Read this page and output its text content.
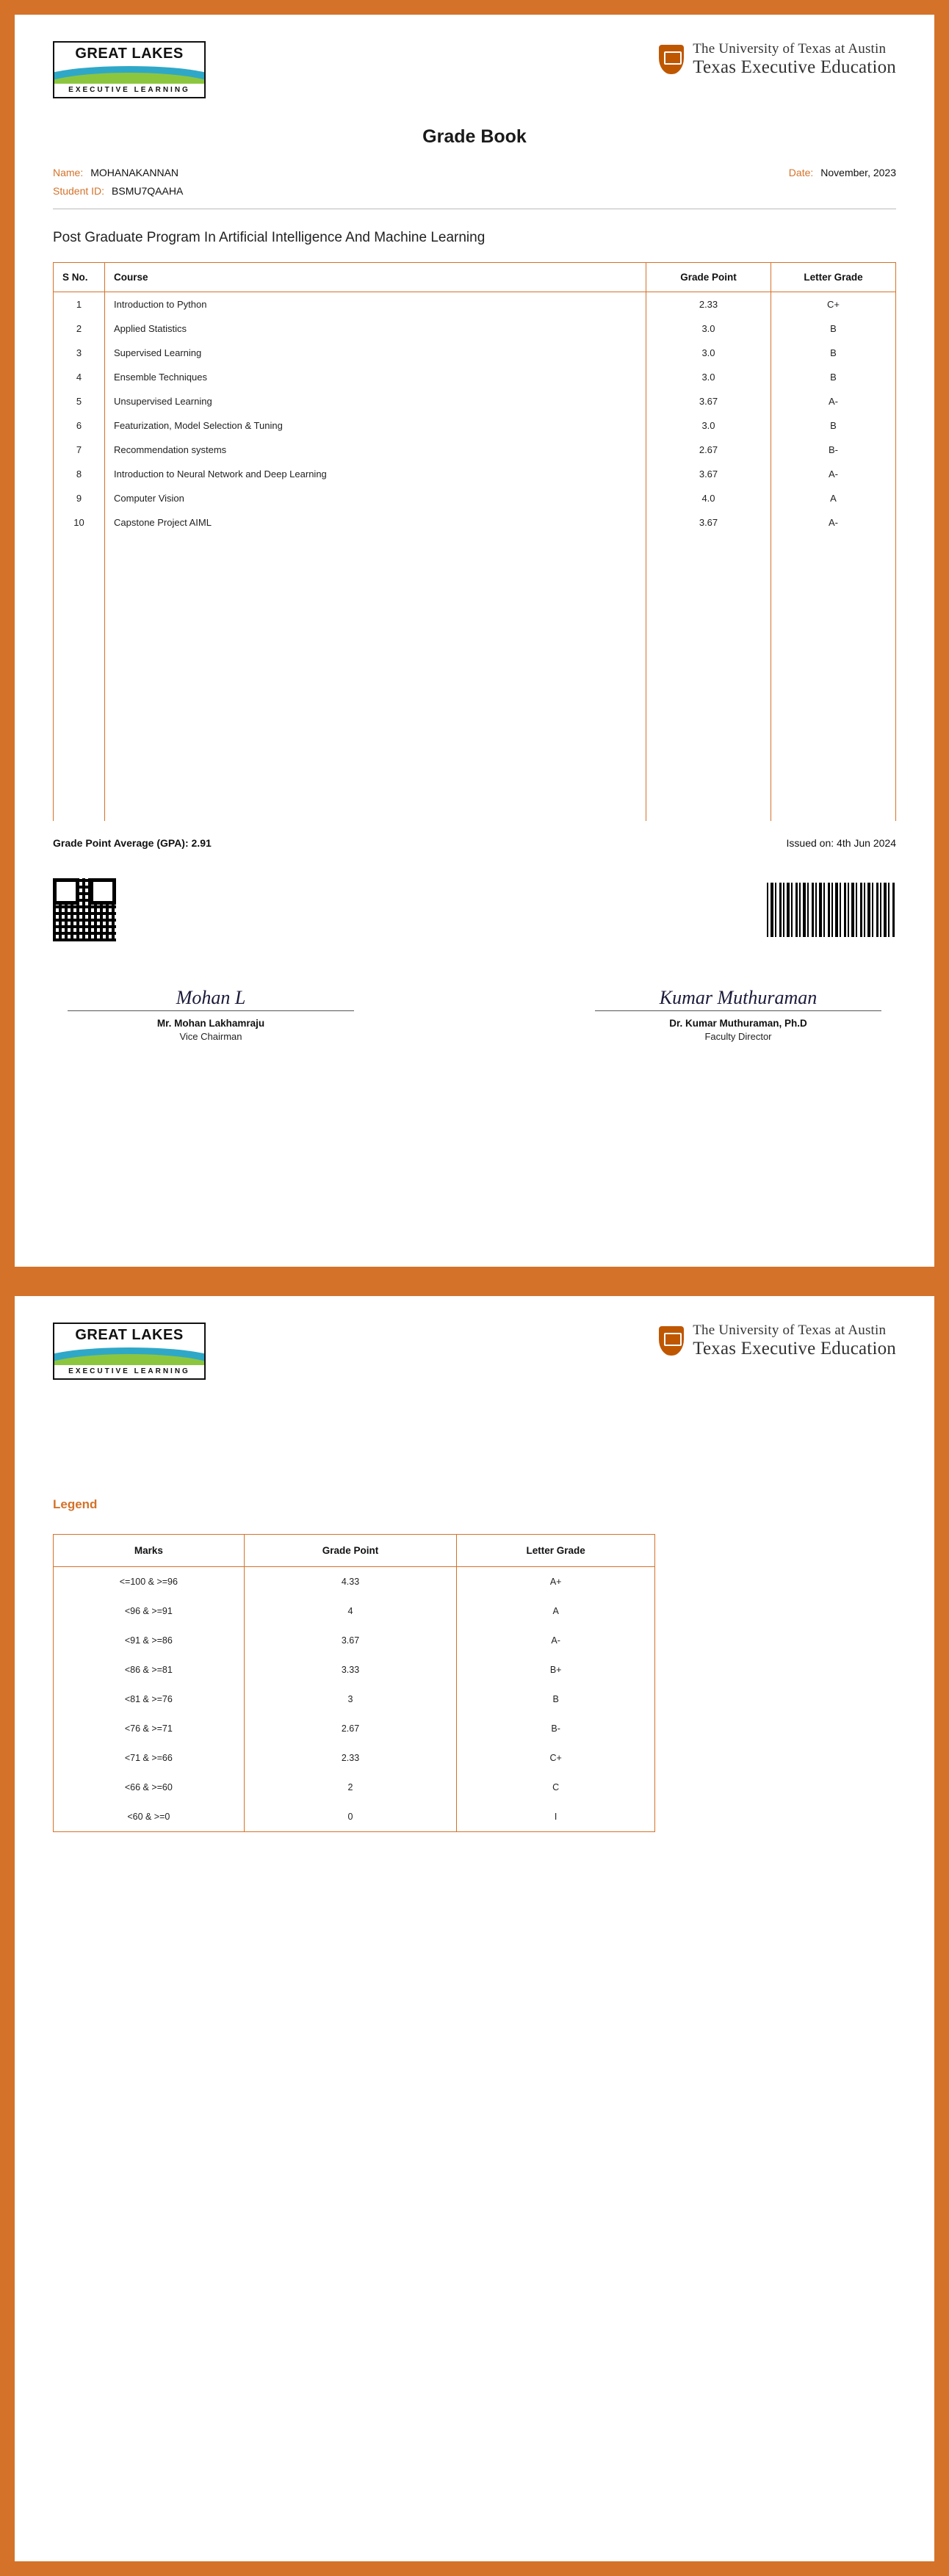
GREAT LAKES
EXECUTIVE LEARNING
The University of Texas at Austin
Texas Executive Education
Grade Book
Name: MOHANAKANNAN
Student ID: BSMU7QAAHA
Date: November, 2023
Post Graduate Program In Artificial Intelligence And Machine Learning
S No.	Course	Grade Point	Letter Grade
1	Introduction to Python	2.33	C+
2	Applied Statistics	3.0	B
3	Supervised Learning	3.0	B
4	Ensemble Techniques	3.0	B
5	Unsupervised Learning	3.67	A-
6	Featurization, Model Selection & Tuning	3.0	B
7	Recommendation systems	2.67	B-
8	Introduction to Neural Network and Deep Learning	3.67	A-
9	Computer Vision	4.0	A
10	Capstone Project AIML	3.67	A-

Grade Point Average (GPA): 2.91	Issued on: 4th Jun 2024
Mohan L
Mr. Mohan Lakhamraju
Vice Chairman
Kumar Muthuraman
Dr. Kumar Muthuraman, Ph.D
Faculty Director
GREAT LAKES
EXECUTIVE LEARNING
The University of Texas at Austin
Texas Executive Education
Legend
Marks	Grade Point	Letter Grade
<=100 & >=96	4.33	A+
<96 & >=91	4	A
<91 & >=86	3.67	A-
<86 & >=81	3.33	B+
<81 & >=76	3	B
<76 & >=71	2.67	B-
<71 & >=66	2.33	C+
<66 & >=60	2	C
<60 & >=0	0	I
